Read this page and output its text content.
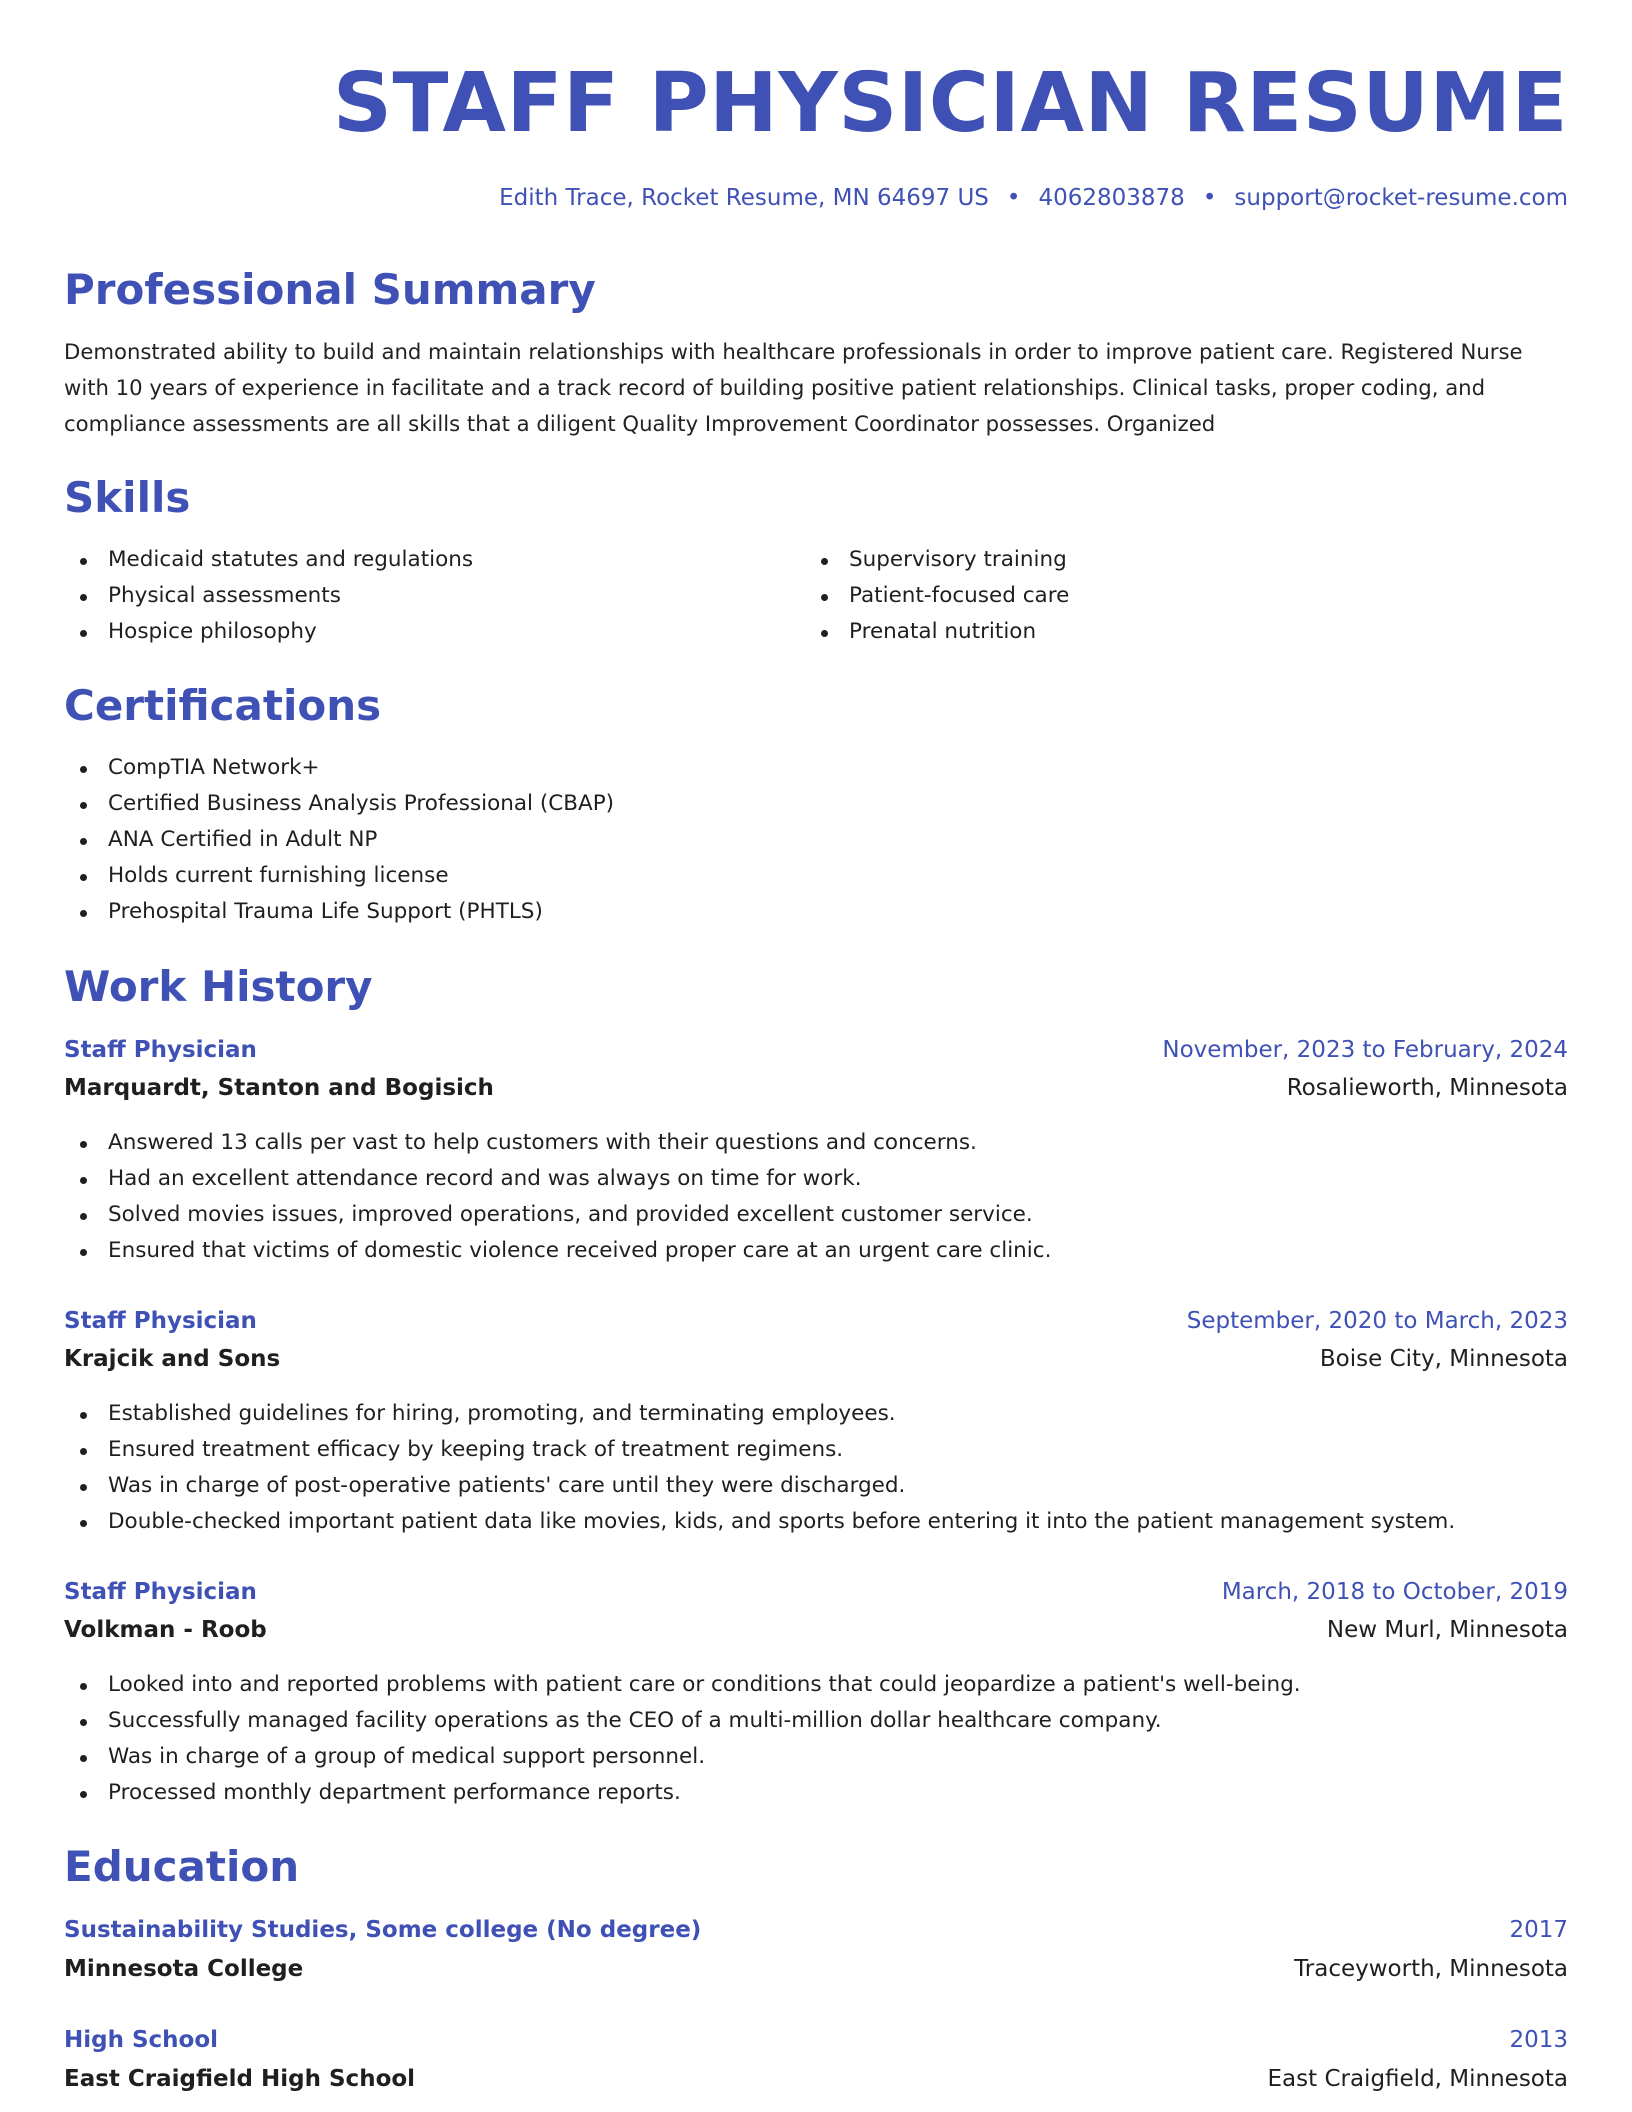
STAFF PHYSICIAN RESUME
Edith Trace, Rocket Resume, MN 64697 US • 4062803878 • support@rocket-resume.com
Professional Summary

Demonstrated ability to build and maintain relationships with healthcare professionals in order to improve patient care. Registered Nurse with 10 years of experience in facilitate and a track record of building positive patient relationships. Clinical tasks, proper coding, and compliance assessments are all skills that a diligent Quality Improvement Coordinator possesses. Organized

Skills
Medicaid statutes and regulations
Physical assessments
Hospice philosophy
Supervisory training
Patient-focused care
Prenatal nutrition
Certifications
CompTIA Network+
Certified Business Analysis Professional (CBAP)
ANA Certified in Adult NP
Holds current furnishing license
Prehospital Trauma Life Support (PHTLS)
Work History
Staff Physician	November, 2023 to February, 2024
Marquardt, Stanton and Bogisich	Rosalieworth, Minnesota
Answered 13 calls per vast to help customers with their questions and concerns.
Had an excellent attendance record and was always on time for work.
Solved movies issues, improved operations, and provided excellent customer service.
Ensured that victims of domestic violence received proper care at an urgent care clinic.
Staff Physician	September, 2020 to March, 2023
Krajcik and Sons	Boise City, Minnesota
Established guidelines for hiring, promoting, and terminating employees.
Ensured treatment efficacy by keeping track of treatment regimens.
Was in charge of post-operative patients' care until they were discharged.
Double-checked important patient data like movies, kids, and sports before entering it into the patient management system.
Staff Physician	March, 2018 to October, 2019
Volkman - Roob	New Murl, Minnesota
Looked into and reported problems with patient care or conditions that could jeopardize a patient's well-being.
Successfully managed facility operations as the CEO of a multi-million dollar healthcare company.
Was in charge of a group of medical support personnel.
Processed monthly department performance reports.
Education
Sustainability Studies, Some college (No degree)	2017
Minnesota College	Traceyworth, Minnesota
High School	2013
East Craigfield High School	East Craigfield, Minnesota
